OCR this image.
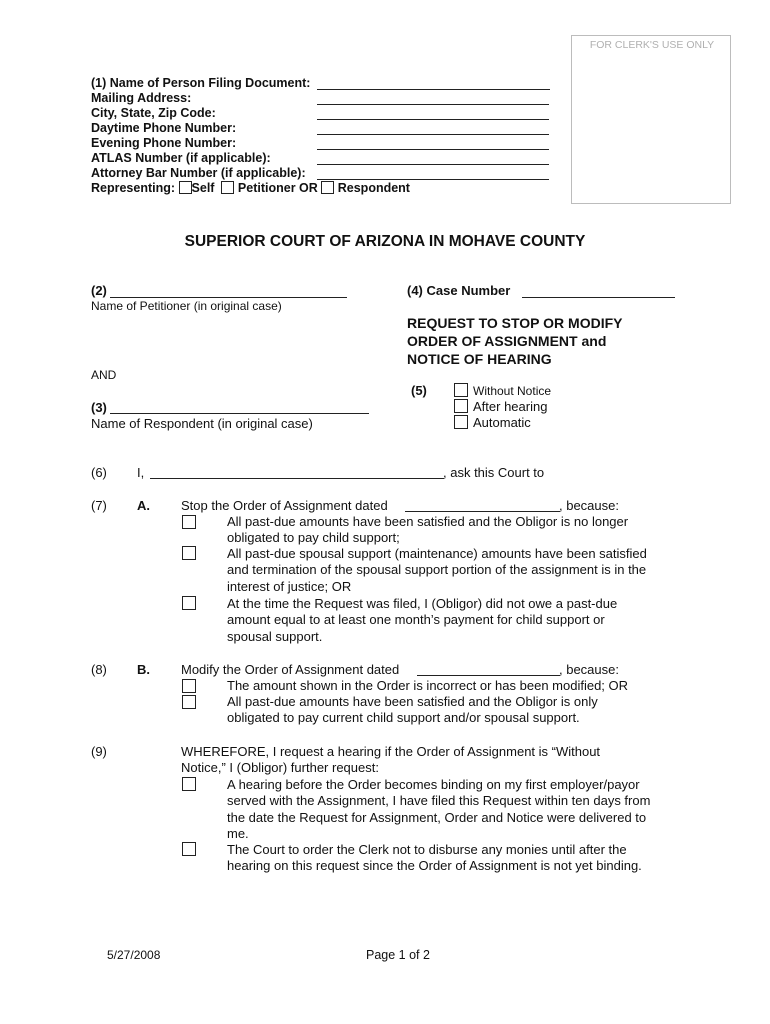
FOR CLERK'S USE ONLY
(1) Name of Person Filing Document:
Mailing Address:
City, State, Zip Code:
Daytime Phone Number:
Evening Phone Number:
ATLAS Number (if applicable):
Attorney Bar Number (if applicable):
Representing: Self Petitioner OR Respondent
SUPERIOR COURT OF ARIZONA IN MOHAVE COUNTY
(2)
Name of Petitioner (in original case)
(4) Case Number
REQUEST TO STOP OR MODIFY
ORDER OF ASSIGNMENT and
NOTICE OF HEARING
AND
(5)	Without Notice
After hearing
Automatic
(3)
Name of Respondent (in original case)
(6) I,	, ask this Court to
(7) A. Stop the Order of Assignment dated	, because:
All past-due amounts have been satisfied and the Obligor is no longer
obligated to pay child support;
All past-due spousal support (maintenance) amounts have been satisfied
and termination of the spousal support portion of the assignment is in the
interest of justice; OR
At the time the Request was filed, I (Obligor) did not owe a past-due
amount equal to at least one month’s payment for child support or
spousal support.
(8) B. Modify the Order of Assignment dated	, because:
The amount shown in the Order is incorrect or has been modified; OR
All past-due amounts have been satisfied and the Obligor is only
obligated to pay current child support and/or spousal support.
(9)	WHEREFORE, I request a hearing if the Order of Assignment is “Without
Notice,” I (Obligor) further request:
A hearing before the Order becomes binding on my first employer/payor
served with the Assignment, I have filed this Request within ten days from
the date the Request for Assignment, Order and Notice were delivered to
me.
The Court to order the Clerk not to disburse any monies until after the
hearing on this request since the Order of Assignment is not yet binding.
5/27/2008	Page 1 of 2
